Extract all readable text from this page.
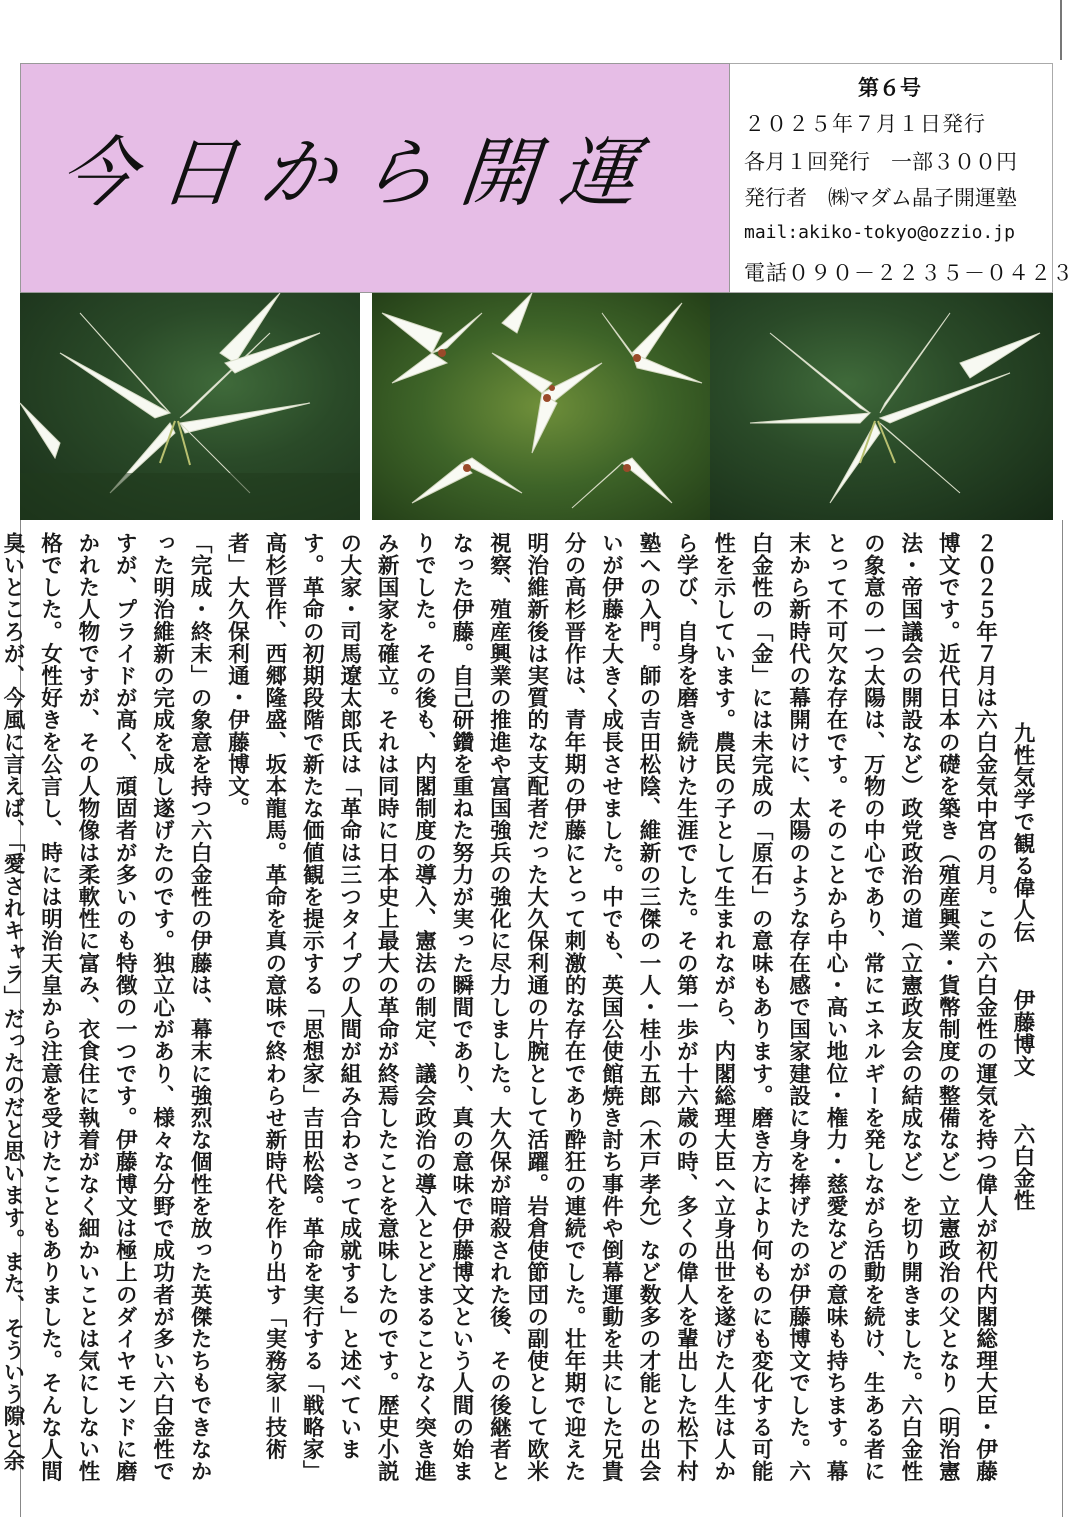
今日から開運
第６号
２０２５年７月１日発行
各月１回発行　一部３００円
発行者　㈱マダム晶子開運塾
mail:akiko-tokyo@ozzio.jp
電話０９０－２２３５－０４２３
九性気学で観る偉人伝伊藤博文六白金性

２０２５年７月は六白金気中宮の月。この六白金性の運気を持つ偉人が初代内閣総理大臣・伊藤博文です。近代日本の礎を築き（殖産興業・貨幣制度の整備など）立憲政治の父となり（明治憲法・帝国議会の開設など）政党政治の道（立憲政友会の結成など）を切り開きました。六白金性の象意の一つ太陽は、万物の中心であり、常にエネルギーを発しながら活動を続け、生ある者にとって不可欠な存在です。そのことから中心・高い地位・権力・慈愛などの意味も持ちます。幕末から新時代の幕開けに、太陽のような存在感で国家建設に身を捧げたのが伊藤博文でした。六白金性の「金」には未完成の「原石」の意味もあります。磨き方により何ものにも変化する可能性を示しています。農民の子として生まれながら、内閣総理大臣へ立身出世を遂げた人生は人から学び、自身を磨き続けた生涯でした。その第一歩が十六歳の時、多くの偉人を輩出した松下村塾への入門。師の吉田松陰、維新の三傑の一人・桂小五郎（木戸孝允）など数多の才能との出会いが伊藤を大きく成長させました。中でも、英国公使館焼き討ち事件や倒幕運動を共にした兄貴分の高杉晋作は、青年期の伊藤にとって刺激的な存在であり酔狂の連続でした。壮年期で迎えた明治維新後は実質的な支配者だった大久保利通の片腕として活躍。岩倉使節団の副使として欧米視察、殖産興業の推進や富国強兵の強化に尽力しました。大久保が暗殺された後、その後継者となった伊藤。自己研鑽を重ねた努力が実った瞬間であり、真の意味で伊藤博文という人間の始まりでした。その後も、内閣制度の導入、憲法の制定、議会政治の導入ととどまることなく突き進み新国家を確立。それは同時に日本史上最大の革命が終焉したことを意味したのです。歴史小説の大家・司馬遼太郎氏は「革命は三つタイプの人間が組み合わさって成就する」と述べています。革命の初期段階で新たな価値観を提示する「思想家」吉田松陰。革命を実行する「戦略家」高杉晋作、西郷隆盛、坂本龍馬。革命を真の意味で終わらせ新時代を作り出す「実務家＝技術者」大久保利通・伊藤博文。

「完成・終末」の象意を持つ六白金性の伊藤は、幕末に強烈な個性を放った英傑たちもできなかった明治維新の完成を成し遂げたのです。独立心があり、様々な分野で成功者が多い六白金性ですが、プライドが高く、頑固者が多いのも特徴の一つです。伊藤博文は極上のダイヤモンドに磨かれた人物ですが、その人物像は柔軟性に富み、衣食住に執着がなく細かいことは気にしない性格でした。女性好きを公言し、時には明治天皇から注意を受けたこともありました。そんな人間臭いところが、今風に言えば、「愛されキャラ」だったのだと思います。また、そういう隙と余
